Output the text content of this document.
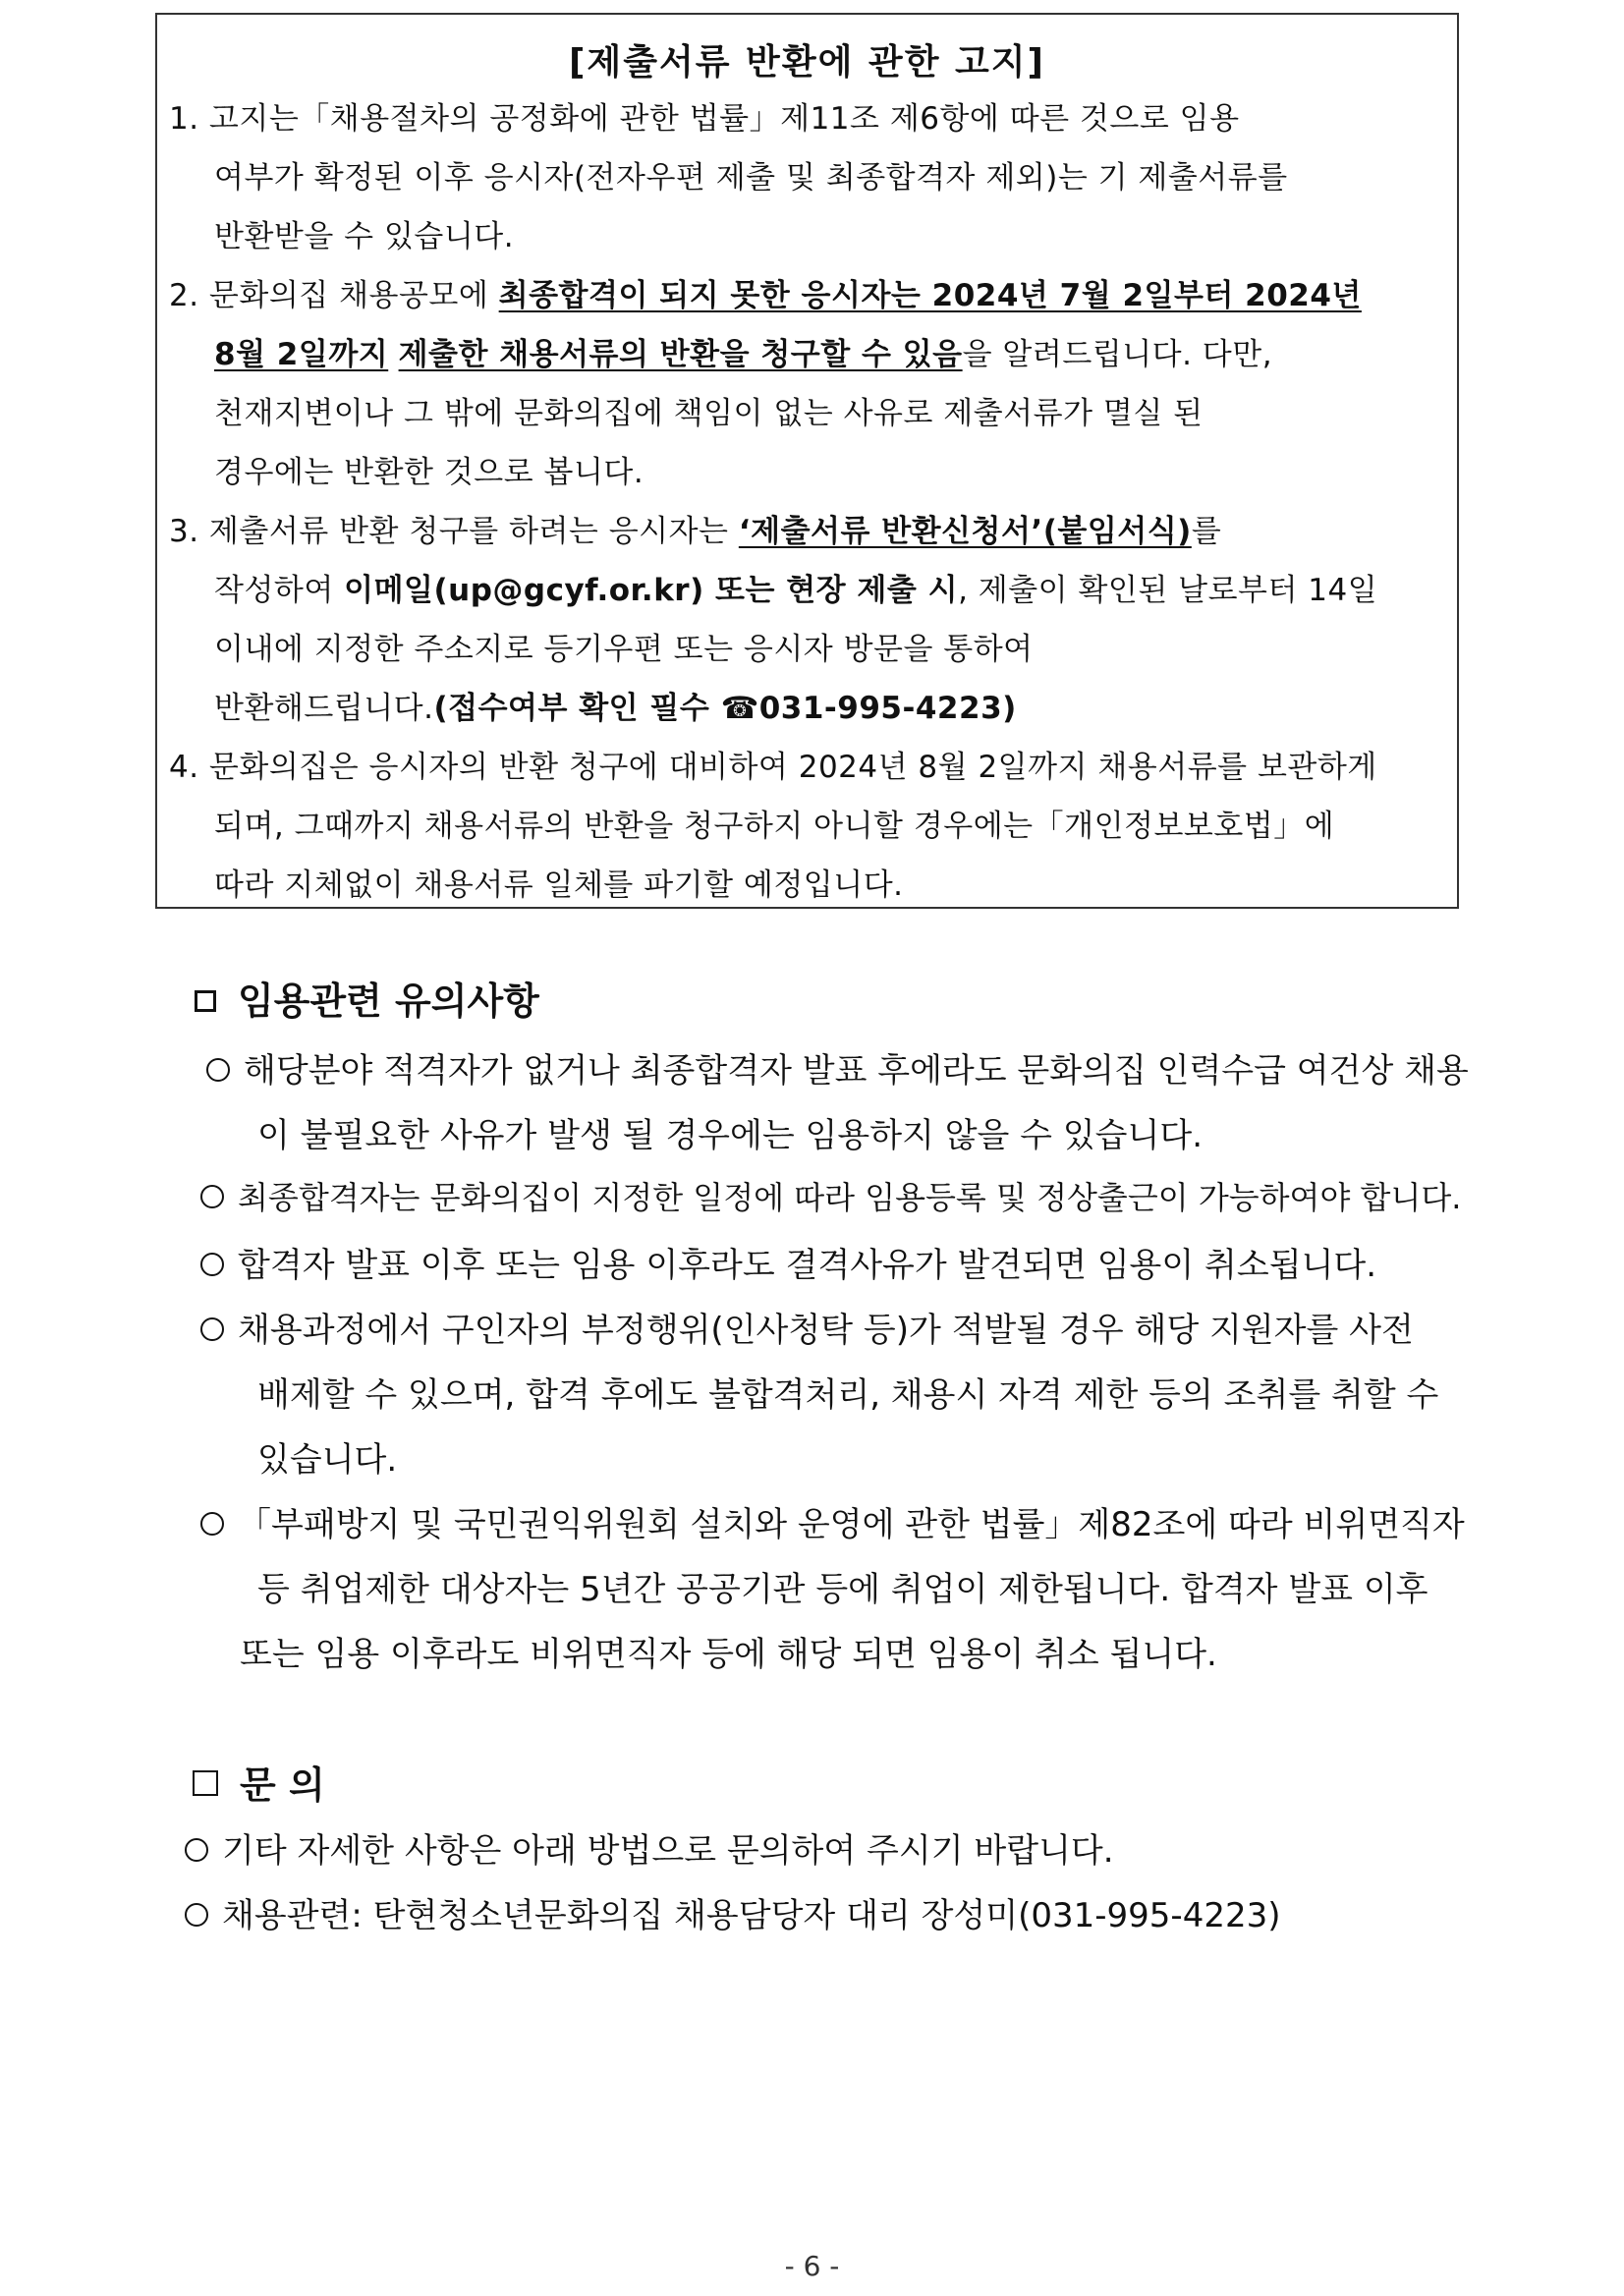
[제출서류 반환에 관한 고지]
1. 고지는「채용절차의 공정화에 관한 법률」제11조 제6항에 따른 것으로 임용
여부가 확정된 이후 응시자(전자우편 제출 및 최종합격자 제외)는 기 제출서류를
반환받을 수 있습니다.
2. 문화의집 채용공모에 최종합격이 되지 못한 응시자는 2024년 7월 2일부터 2024년
8월 2일까지 제출한 채용서류의 반환을 청구할 수 있음을 알려드립니다. 다만,
천재지변이나 그 밖에 문화의집에 책임이 없는 사유로 제출서류가 멸실 된
경우에는 반환한 것으로 봅니다.
3. 제출서류 반환 청구를 하려는 응시자는 ‘제출서류 반환신청서’(붙임서식)를
작성하여 이메일(up@gcyf.or.kr) 또는 현장 제출 시, 제출이 확인된 날로부터 14일
이내에 지정한 주소지로 등기우편 또는 응시자 방문을 통하여
반환해드립니다.(접수여부 확인 필수 ☎031-995-4223)
4. 문화의집은 응시자의 반환 청구에 대비하여 2024년 8월 2일까지 채용서류를 보관하게
되며, 그때까지 채용서류의 반환을 청구하지 아니할 경우에는「개인정보보호법」에
따라 지체없이 채용서류 일체를 파기할 예정입니다.
임용관련 유의사항
해당분야 적격자가 없거나 최종합격자 발표 후에라도 문화의집 인력수급 여건상 채용
이 불필요한 사유가 발생 될 경우에는 임용하지 않을 수 있습니다.
최종합격자는 문화의집이 지정한 일정에 따라 임용등록 및 정상출근이 가능하여야 합니다.
합격자 발표 이후 또는 임용 이후라도 결격사유가 발견되면 임용이 취소됩니다.
채용과정에서 구인자의 부정행위(인사청탁 등)가 적발될 경우 해당 지원자를 사전
배제할 수 있으며, 합격 후에도 불합격처리, 채용시 자격 제한 등의 조취를 취할 수
있습니다.
「부패방지 및 국민권익위원회 설치와 운영에 관한 법률」제82조에 따라 비위면직자
등 취업제한 대상자는 5년간 공공기관 등에 취업이 제한됩니다. 합격자 발표 이후
또는 임용 이후라도 비위면직자 등에 해당 되면 임용이 취소 됩니다.
문 의
기타 자세한 사항은 아래 방법으로 문의하여 주시기 바랍니다.
채용관련: 탄현청소년문화의집 채용담당자 대리 장성미(031-995-4223)
- 6 -
